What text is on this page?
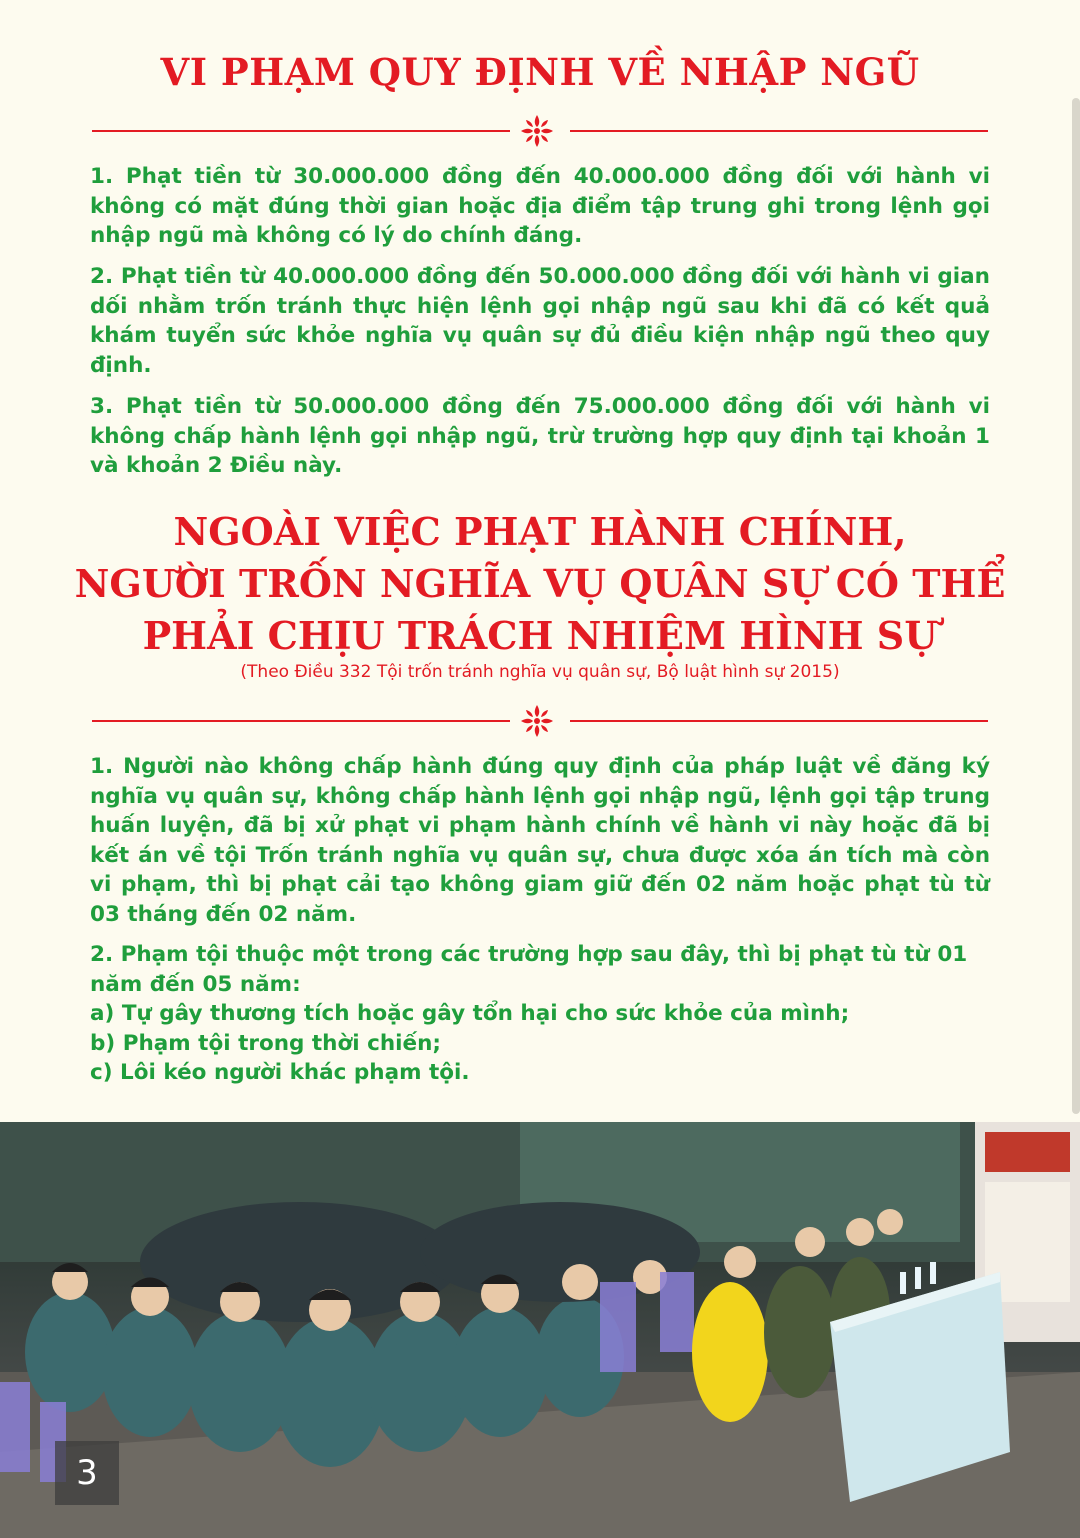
VI PHẠM QUY ĐỊNH VỀ NHẬP NGŨ

1. Phạt tiền từ 30.000.000 đồng đến 40.000.000 đồng đối với hành vi không có mặt đúng thời gian hoặc địa điểm tập trung ghi trong lệnh gọi nhập ngũ mà không có lý do chính đáng.

2. Phạt tiền từ 40.000.000 đồng đến 50.000.000 đồng đối với hành vi gian dối nhằm trốn tránh thực hiện lệnh gọi nhập ngũ sau khi đã có kết quả khám tuyển sức khỏe nghĩa vụ quân sự đủ điều kiện nhập ngũ theo quy định.

3. Phạt tiền từ 50.000.000 đồng đến 75.000.000 đồng đối với hành vi không chấp hành lệnh gọi nhập ngũ, trừ trường hợp quy định tại khoản 1 và khoản 2 Điều này.

NGOÀI VIỆC PHẠT HÀNH CHÍNH,
NGƯỜI TRỐN NGHĨA VỤ QUÂN SỰ CÓ THỂ
PHẢI CHỊU TRÁCH NHIỆM HÌNH SỰ

(Theo Điều 332 Tội trốn tránh nghĩa vụ quân sự, Bộ luật hình sự 2015)

1. Người nào không chấp hành đúng quy định của pháp luật về đăng ký nghĩa vụ quân sự, không chấp hành lệnh gọi nhập ngũ, lệnh gọi tập trung huấn luyện, đã bị xử phạt vi phạm hành chính về hành vi này hoặc đã bị kết án về tội Trốn tránh nghĩa vụ quân sự, chưa được xóa án tích mà còn vi phạm, thì bị phạt cải tạo không giam giữ đến 02 năm hoặc phạt tù từ 03 tháng đến 02 năm.

2. Phạm tội thuộc một trong các trường hợp sau đây, thì bị phạt tù từ 01 năm đến 05 năm:
a) Tự gây thương tích hoặc gây tổn hại cho sức khỏe của mình;
b) Phạm tội trong thời chiến;
c) Lôi kéo người khác phạm tội.
3
